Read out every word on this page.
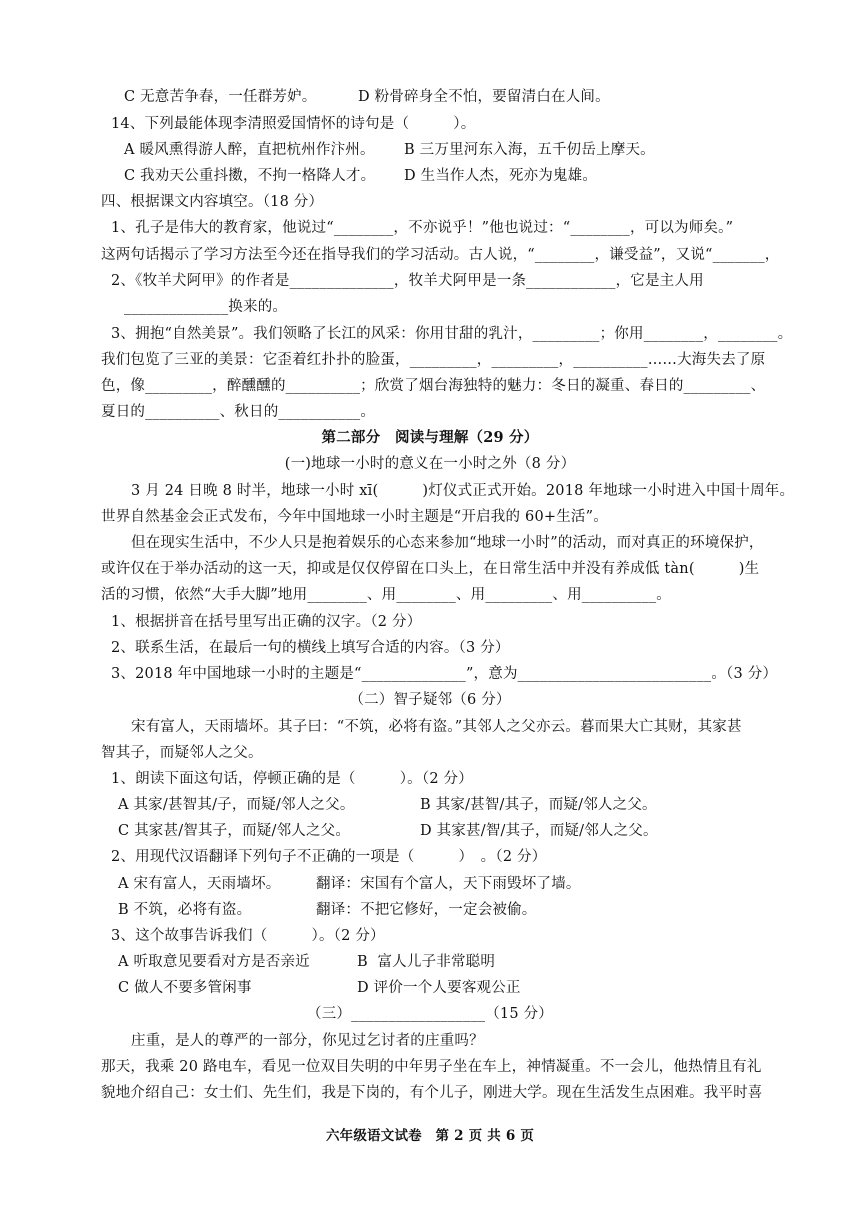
C 无意苦争春，一任群芳妒。	D 粉骨碎身全不怕，要留清白在人间。
14、下列最能体现李清照爱国情怀的诗句是（　　　）。
A 暖风熏得游人醉，直把杭州作汴州。 B 三万里河东入海，五千仞岳上摩天。
C 我劝天公重抖擞，不拘一格降人才。 D 生当作人杰，死亦为鬼雄。
四、根据课文内容填空。（18 分）
1、孔子是伟大的教育家，他说过“________，不亦说乎！”他也说过：“________，可以为师矣。”
这两句话揭示了学习方法至今还在指导我们的学习活动。古人说，“________，谦受益”，又说“_______，
2、《牧羊犬阿甲》的作者是______________，牧羊犬阿甲是一条____________，它是主人用
______________换来的。
3、拥抱“自然美景”。我们领略了长江的风采：你用甘甜的乳汁，_________；你用________，________。
我们包览了三亚的美景：它歪着红扑扑的脸蛋，_________，_________，__________……大海失去了原
色，像_________，醉醺醺的__________；欣赏了烟台海独特的魅力：冬日的凝重、春日的_________、
夏日的__________、秋日的___________。
第二部分　阅读与理解（29 分）
(一)地球一小时的意义在一小时之外（8 分）
3 月 24 日晚 8 时半，地球一小时 xī(　　　)灯仪式正式开始。2018 年地球一小时进入中国十周年。
世界自然基金会正式发布，今年中国地球一小时主题是“开启我的 60+生活”。
但在现实生活中，不少人只是抱着娱乐的心态来参加“地球一小时”的活动，而对真正的环境保护，
或许仅在于举办活动的这一天，抑或是仅仅停留在口头上，在日常生活中并没有养成低 tàn(　　　)生
活的习惯，依然“大手大脚”地用________、用________、用_________、用__________。
1、根据拼音在括号里写出正确的汉字。（2 分）
2、联系生活，在最后一句的横线上填写合适的内容。（3 分）
3、2018 年中国地球一小时的主题是“______________”，意为__________________________。（3 分）
（二）智子疑邻（6 分）
宋有富人，天雨墙坏。其子曰：“不筑，必将有盗。”其邻人之父亦云。暮而果大亡其财，其家甚
智其子，而疑邻人之父。
1、朗读下面这句话，停顿正确的是（　　　）。（2 分）
A 其家/甚智其/子，而疑/邻人之父。	B 其家/甚智/其子，而疑/邻人之父。
C 其家甚/智其子，而疑/邻人之父。	D 其家甚/智/其子，而疑/邻人之父。
2、用现代汉语翻译下列句子不正确的一项是（　　　）　。（2 分）
A 宋有富人，天雨墙坏。 翻译：宋国有个富人，天下雨毁坏了墙。
B 不筑，必将有盗。	翻译：不把它修好，一定会被偷。
3、这个故事告诉我们（　　　）。（2 分）
A 听取意见要看对方是否亲近	B  富人儿子非常聪明
C 做人不要多管闲事	D 评价一个人要客观公正
（三）__________________（15 分）
庄重，是人的尊严的一部分，你见过乞讨者的庄重吗？
那天，我乘 20 路电车，看见一位双目失明的中年男子坐在车上，神情凝重。不一会儿，他热情且有礼
貌地介绍自己：女士们、先生们，我是下岗的，有个儿子，刚进大学。现在生活发生点困难。我平时喜
六年级语文试卷　第 2 页 共 6 页
